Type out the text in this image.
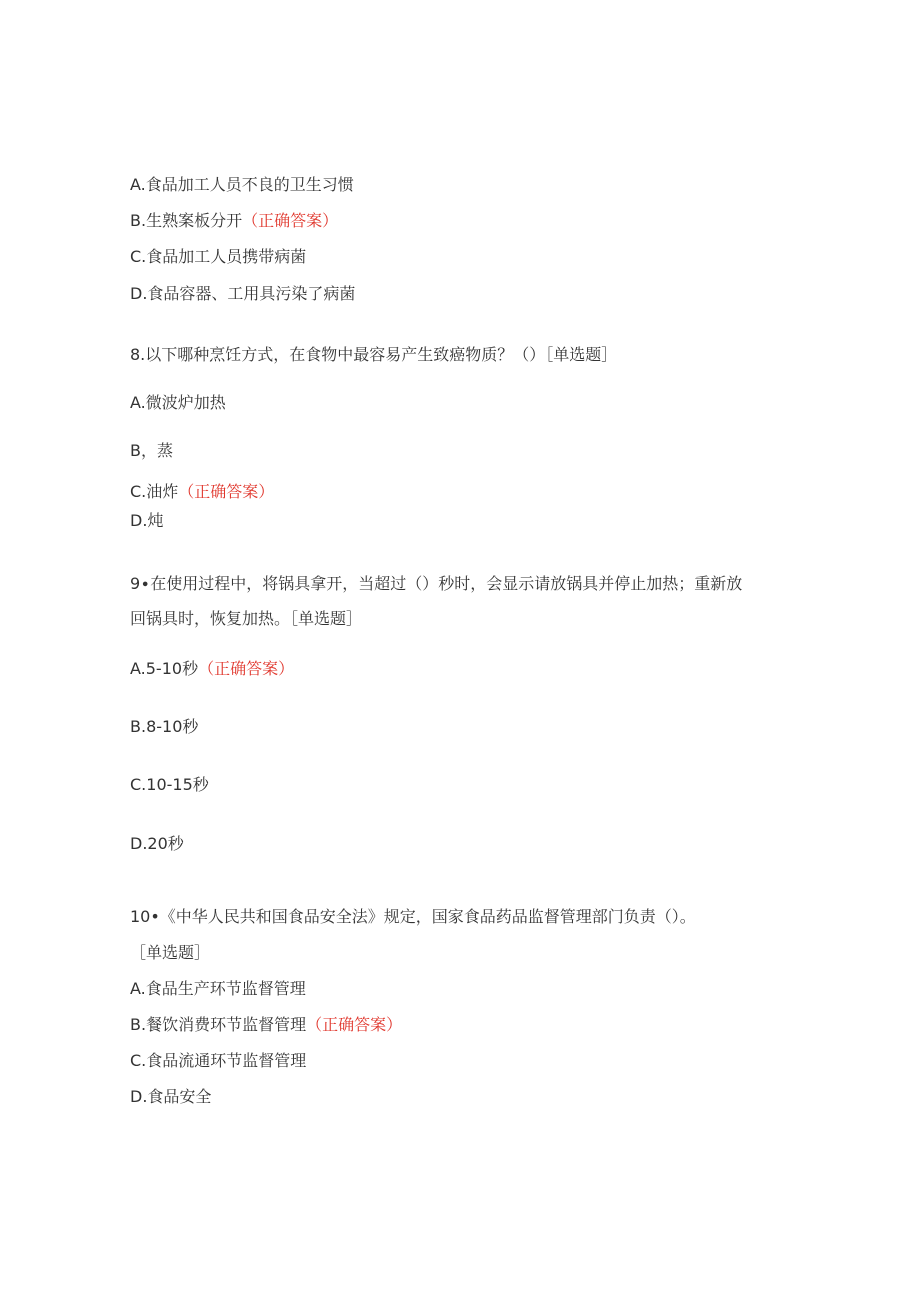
A.食品加工人员不良的卫生习惯
B.生熟案板分开（正确答案）
C.食品加工人员携带病菌
D.食品容器、工用具污染了病菌
8.以下哪种烹饪方式，在食物中最容易产生致癌物质？（）［单选题］
A.微波炉加热
B，蒸
C.油炸（正确答案）
D.炖
9∙在使用过程中，将锅具拿开，当超过（）秒时，会显示请放锅具并停止加热；重新放
回锅具时，恢复加热。［单选题］
A.5-10秒（正确答案）
B.8-10秒
C.10-15秒
D.20秒
10•《中华人民共和国食品安全法》规定，国家食品药品监督管理部门负责（）。
［单选题］
A.食品生产环节监督管理
B.餐饮消费环节监督管理（正确答案）
C.食品流通环节监督管理
D.食品安全
